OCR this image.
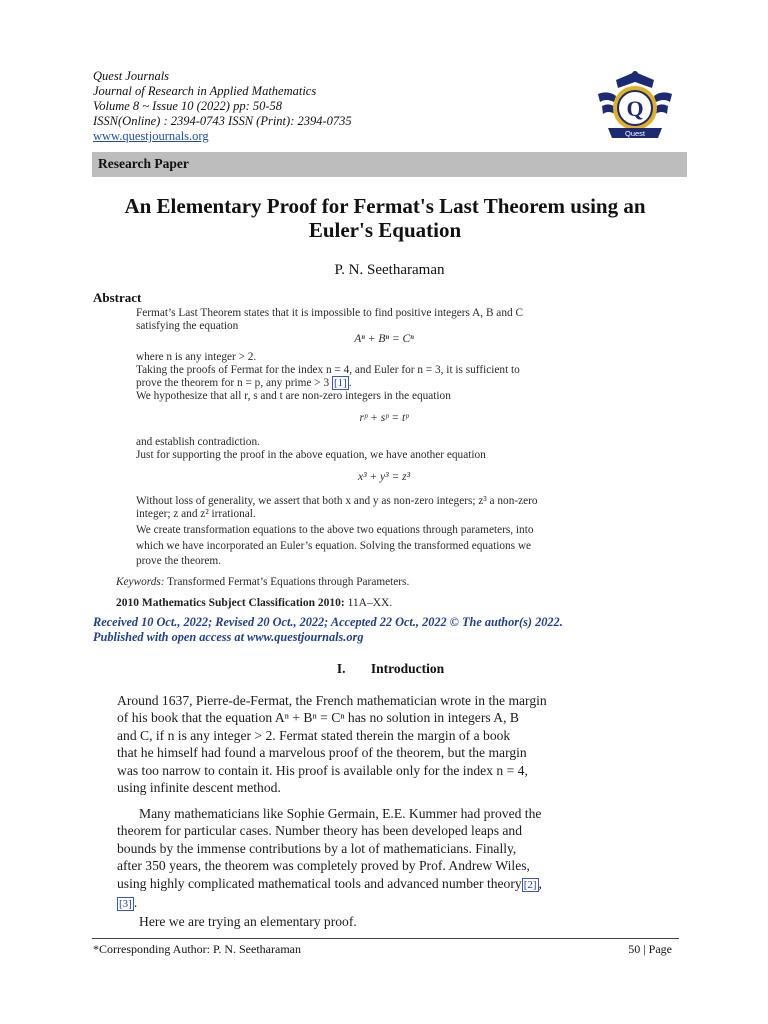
Quest Journals
Journal of Research in Applied Mathematics
Volume 8 ~ Issue 10 (2022) pp: 50-58
ISSN(Online) : 2394-0743 ISSN (Print): 2394-0735
www.questjournals.org
Q
Quest
Research Paper
An Elementary Proof for Fermat's Last Theorem using an
Euler's Equation
P. N. Seetharaman
Abstract
Fermat’s Last Theorem states that it is impossible to find positive integers A, B and C
satisfying the equation
Aⁿ + Bⁿ = Cⁿ
where n is any integer > 2.
Taking the proofs of Fermat for the index n = 4, and Euler for n = 3, it is sufficient to
prove the theorem for n = p, any prime > 3 [1] .
We hypothesize that all r, s and t are non-zero integers in the equation
rᵖ + sᵖ = tᵖ
and establish contradiction.
Just for supporting the proof in the above equation, we have another equation
x³ + y³ = z³
Without loss of generality, we assert that both x and y as non-zero integers; z³ a non-zero
integer; z and z² irrational.
We create transformation equations to the above two equations through parameters, into
which we have incorporated an Euler’s equation. Solving the transformed equations we
prove the theorem.
Keywords: Transformed Fermat’s Equations through Parameters.
2010 Mathematics Subject Classification 2010: 11A–XX.
Received 10 Oct., 2022; Revised 20 Oct., 2022; Accepted 22 Oct., 2022 © The author(s) 2022.
Published with open access at www.questjournals.org
I. Introduction
Around 1637, Pierre-de-Fermat, the French mathematician wrote in the margin
of his book that the equation Aⁿ + Bⁿ = Cⁿ has no solution in integers A, B
and C, if n is any integer > 2. Fermat stated therein the margin of a book
that he himself had found a marvelous proof of the theorem, but the margin
was too narrow to contain it. His proof is available only for the index n = 4,
using infinite descent method.
Many mathematicians like Sophie Germain, E.E. Kummer had proved the
theorem for particular cases. Number theory has been developed leaps and
bounds by the immense contributions by a lot of mathematicians. Finally,
after 350 years, the theorem was completely proved by Prof. Andrew Wiles,
using highly complicated mathematical tools and advanced number theory [2] ,
[3] .
Here we are trying an elementary proof.
*Corresponding Author: P. N. Seetharaman	50 | Page
